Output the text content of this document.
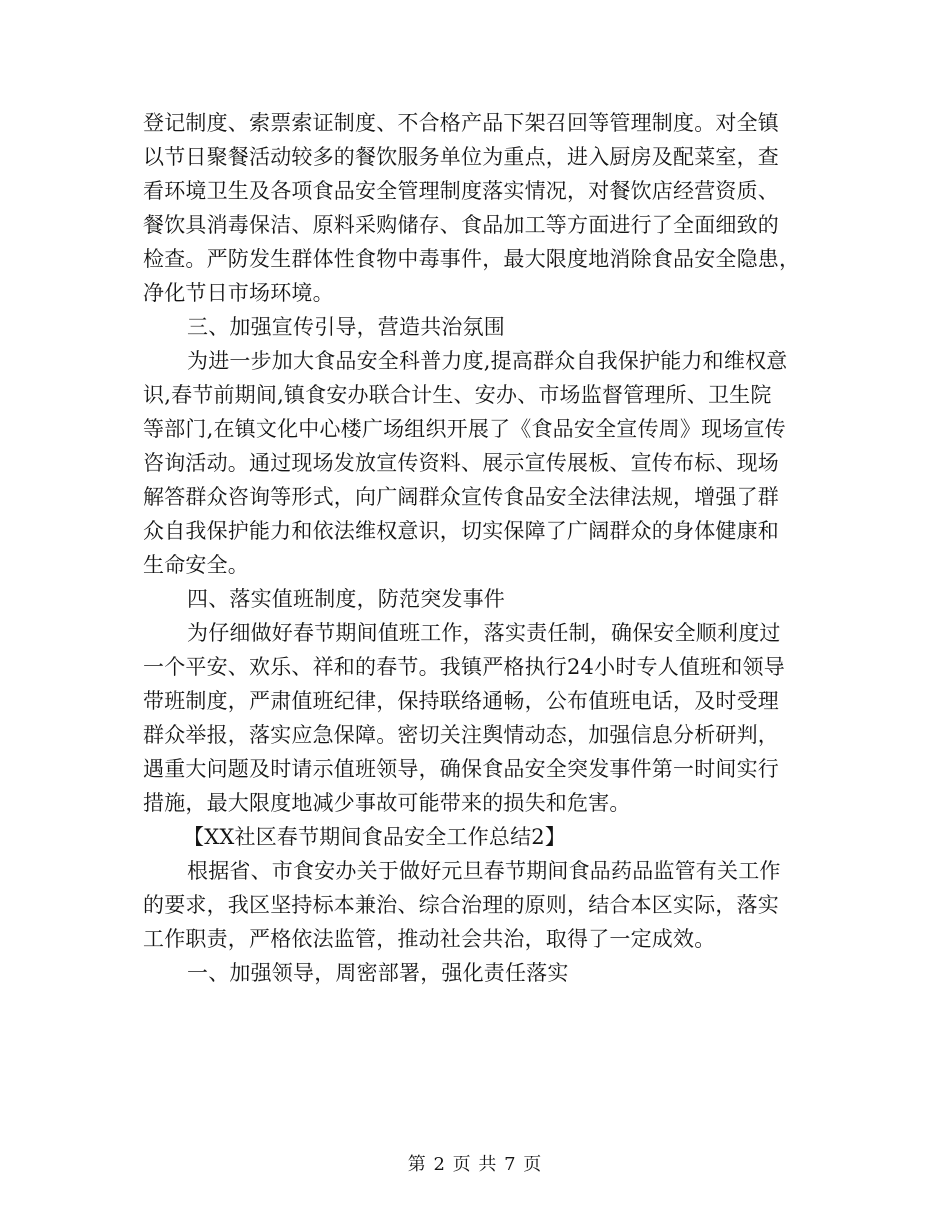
登记制度、索票索证制度、不合格产品下架召回等管理制度。对全镇
以节日聚餐活动较多的餐饮服务单位为重点，进入厨房及配菜室，查
看环境卫生及各项食品安全管理制度落实情况，对餐饮店经营资质、
餐饮具消毒保洁、原料采购储存、食品加工等方面进行了全面细致的
检查。严防发生群体性食物中毒事件，最大限度地消除食品安全隐患，
净化节日市场环境。
三、加强宣传引导，营造共治氛围
为进一步加大食品安全科普力度,提高群众自我保护能力和维权意
识,春节前期间,镇食安办联合计生、安办、市场监督管理所、卫生院
等部门,在镇文化中心楼广场组织开展了《食品安全宣传周》现场宣传
咨询活动。通过现场发放宣传资料、展示宣传展板、宣传布标、现场
解答群众咨询等形式，向广阔群众宣传食品安全法律法规，增强了群
众自我保护能力和依法维权意识，切实保障了广阔群众的身体健康和
生命安全。
四、落实值班制度，防范突发事件
为仔细做好春节期间值班工作，落实责任制，确保安全顺利度过
一个平安、欢乐、祥和的春节。我镇严格执行24小时专人值班和领导
带班制度，严肃值班纪律，保持联络通畅，公布值班电话，及时受理
群众举报，落实应急保障。密切关注舆情动态，加强信息分析研判，
遇重大问题及时请示值班领导，确保食品安全突发事件第一时间实行
措施，最大限度地减少事故可能带来的损失和危害。
【XX社区春节期间食品安全工作总结2】
根据省、市食安办关于做好元旦春节期间食品药品监管有关工作
的要求，我区坚持标本兼治、综合治理的原则，结合本区实际，落实
工作职责，严格依法监管，推动社会共治，取得了一定成效。
一、加强领导，周密部署，强化责任落实
第 2 页 共 7 页
